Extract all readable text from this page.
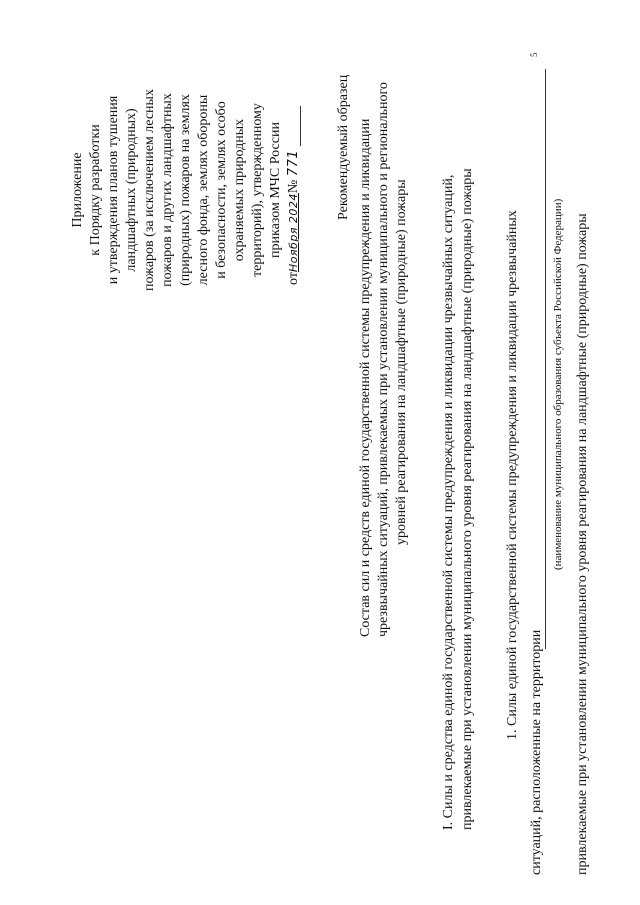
Приложение к Порядку разработки и утверждения планов тушения ландшафтных (природных) пожаров (за исключением лесных пожаров и других ландшафтных (природных) пожаров на землях лесного фонда, землях обороны и безопасности, землях особо охраняемых природных территорий), утвержденному приказом МЧС России
отНоября 2024№ 771	Рекомендуемый образец Состав сил и средств единой государственной системы предупреждения и ликвидации чрезвычайных ситуаций, привлекаемых при установлении муниципального и регионального уровней реагирования на ландшафтные (природные) пожары I. Силы и средства единой государственной системы предупреждения и ликвидации чрезвычайных ситуаций, привлекаемые при установлении муниципального уровня реагирования на ландшафтные (природные) пожары 1. Силы единой государственной системы предупреждения и ликвидации чрезвычайных
ситуаций, расположенные на территории
(наименование муниципального образования субъекта Российской Федерации) привлекаемые при установлении муниципального уровня реагирования на ландшафтные (природные) пожары
5
